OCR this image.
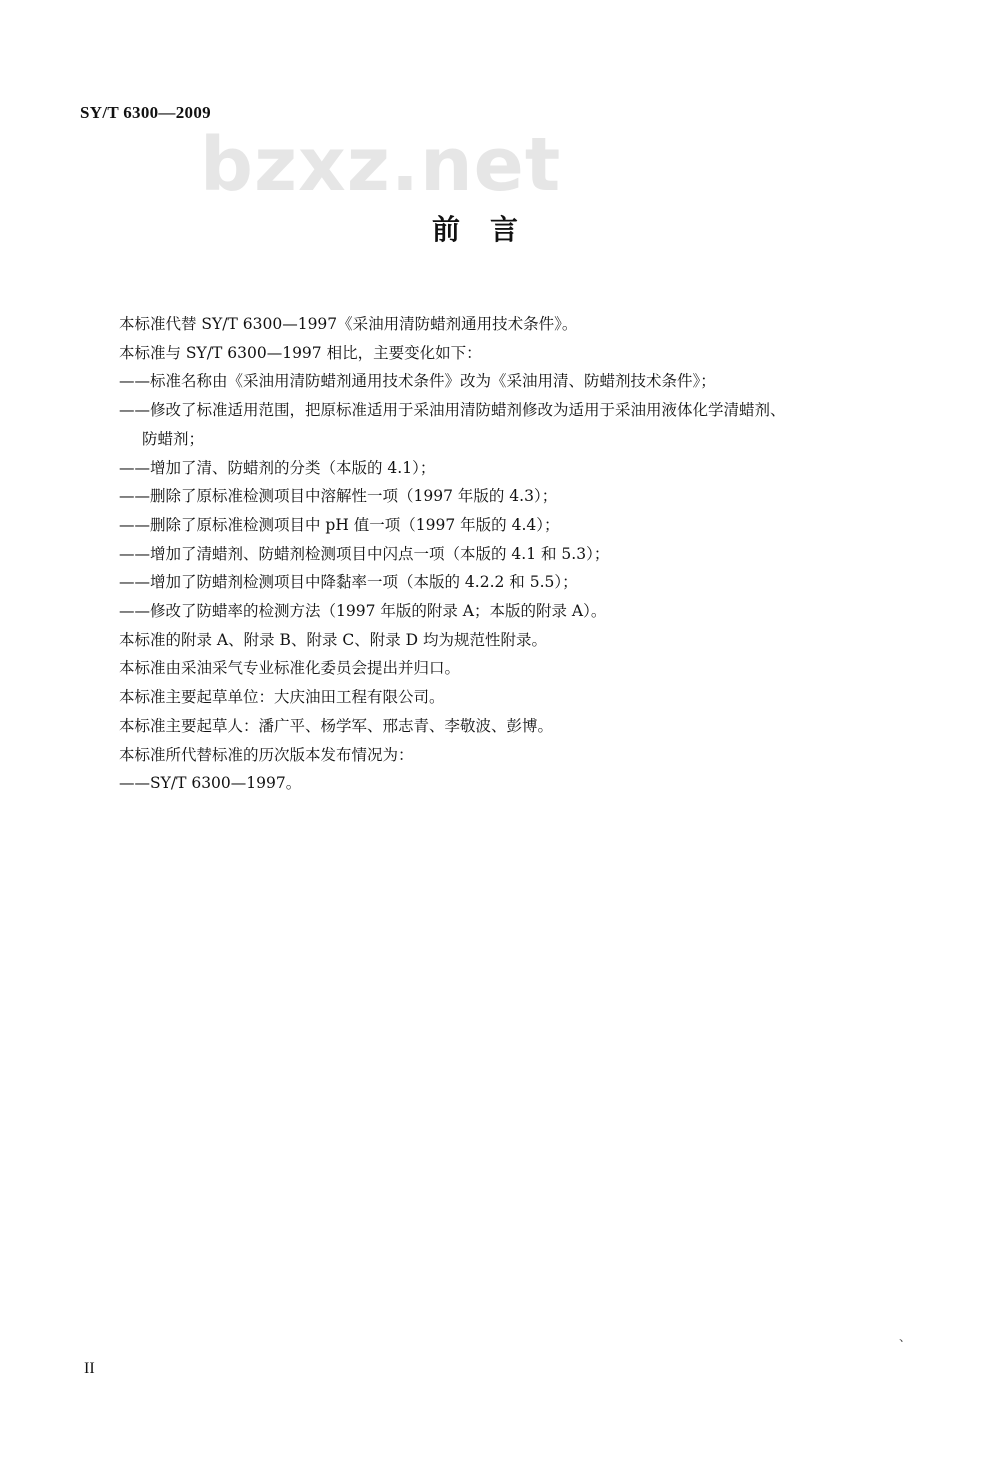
SY/T 6300—2009
bzxz.net
前言
本标准代替 SY/T 6300—1997《采油用清防蜡剂通用技术条件》。
本标准与 SY/T 6300—1997 相比，主要变化如下：
——标准名称由《采油用清防蜡剂通用技术条件》改为《采油用清、防蜡剂技术条件》；
——修改了标准适用范围，把原标准适用于采油用清防蜡剂修改为适用于采油用液体化学清蜡剂、
防蜡剂；
——增加了清、防蜡剂的分类（本版的 4.1）；
——删除了原标准检测项目中溶解性一项（1997 年版的 4.3）；
——删除了原标准检测项目中 pH 值一项（1997 年版的 4.4）；
——增加了清蜡剂、防蜡剂检测项目中闪点一项（本版的 4.1 和 5.3）；
——增加了防蜡剂检测项目中降黏率一项（本版的 4.2.2 和 5.5）；
——修改了防蜡率的检测方法（1997 年版的附录 A；本版的附录 A）。
本标准的附录 A、附录 B、附录 C、附录 D 均为规范性附录。
本标准由采油采气专业标准化委员会提出并归口。
本标准主要起草单位：大庆油田工程有限公司。
本标准主要起草人：潘广平、杨学军、邢志青、李敬波、彭博。
本标准所代替标准的历次版本发布情况为：
——SY/T 6300—1997。
、
II
